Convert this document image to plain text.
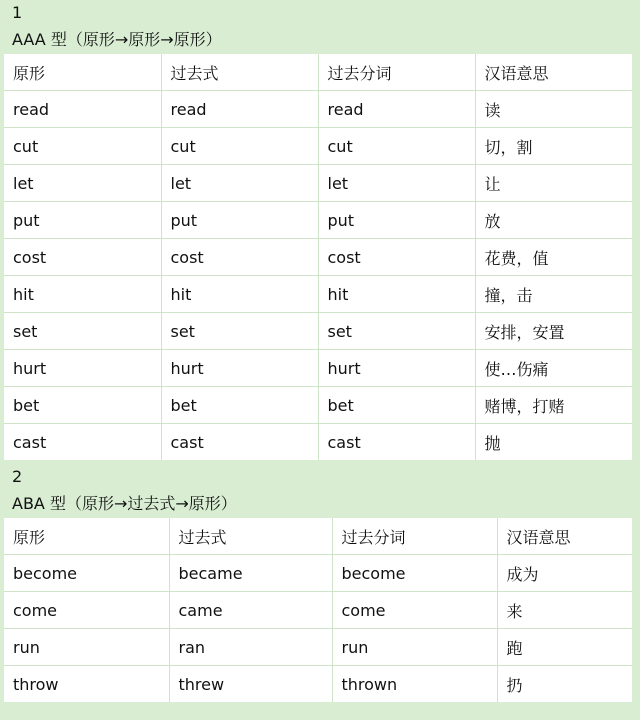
1
AAA 型（原形→原形→原形）
原形	过去式	过去分词	汉语意思
read	read	read	读
cut	cut	cut	切，割
let	let	let	让
put	put	put	放
cost	cost	cost	花费，值
hit	hit	hit	撞，击
set	set	set	安排，安置
hurt	hurt	hurt	使…伤痛
bet	bet	bet	赌博，打赌
cast	cast	cast	抛
2
ABA 型（原形→过去式→原形）
原形	过去式	过去分词	汉语意思
become	became	become	成为
come	came	come	来
run	ran	run	跑
throw	threw	thrown	扔
